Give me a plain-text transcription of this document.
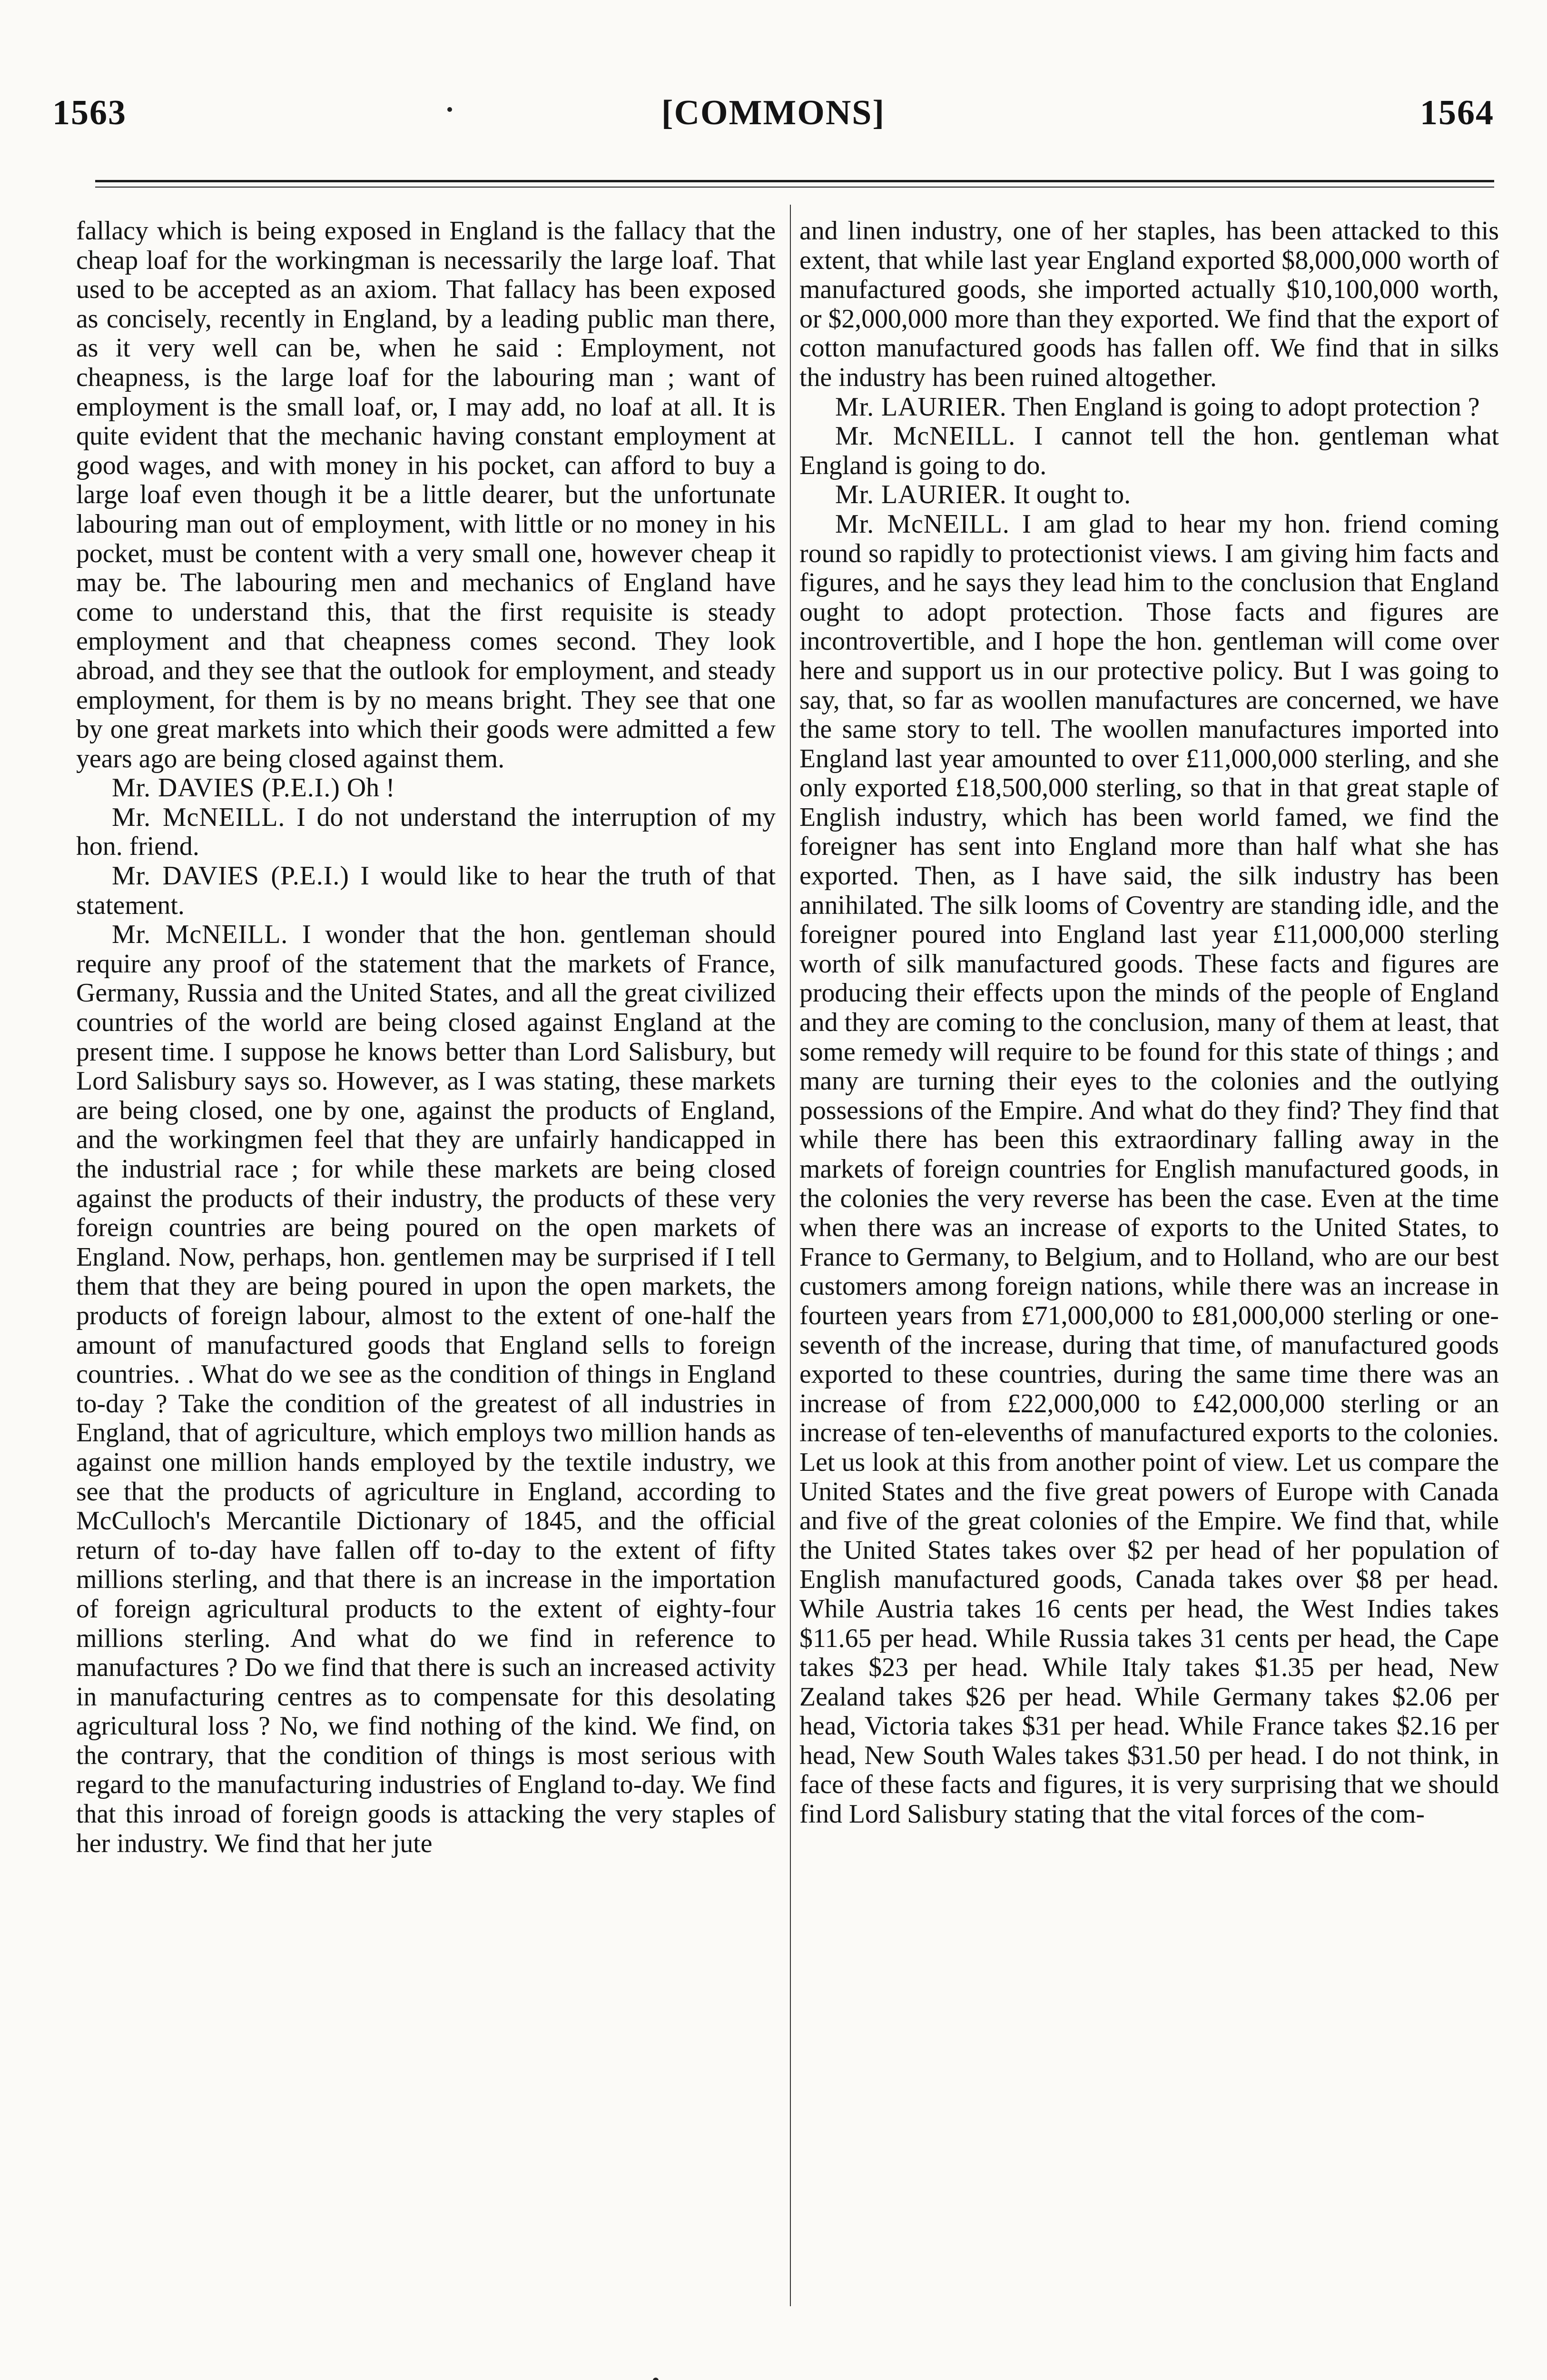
1563	[COMMONS]	1564

fallacy which is being exposed in England is the fallacy that the cheap loaf for the workingman is necessarily the large loaf. That used to be accepted as an axiom. That fallacy has been exposed as concisely, recently in England, by a leading public man there, as it very well can be, when he said : Employment, not cheapness, is the large loaf for the labouring man ; want of employment is the small loaf, or, I may add, no loaf at all. It is quite evident that the mechanic having constant employment at good wages, and with money in his pocket, can afford to buy a large loaf even though it be a little dearer, but the unfortunate labouring man out of employment, with little or no money in his pocket, must be content with a very small one, however cheap it may be. The labouring men and mechanics of England have come to understand this, that the first requisite is steady employment and that cheapness comes second. They look abroad, and they see that the outlook for employment, and steady employment, for them is by no means bright. They see that one by one great markets into which their goods were admitted a few years ago are being closed against them.

Mr. DAVIES (P.E.I.) Oh !

Mr. McNEILL. I do not understand the interruption of my hon. friend.

Mr. DAVIES (P.E.I.) I would like to hear the truth of that statement.

Mr. McNEILL. I wonder that the hon. gentleman should require any proof of the statement that the markets of France, Germany, Russia and the United States, and all the great civilized countries of the world are being closed against England at the present time. I suppose he knows better than Lord Salisbury, but Lord Salisbury says so. However, as I was stating, these markets are being closed, one by one, against the products of England, and the workingmen feel that they are unfairly handicapped in the industrial race ; for while these markets are being closed against the products of their industry, the products of these very foreign countries are being poured on the open markets of England. Now, perhaps, hon. gentlemen may be surprised if I tell them that they are being poured in upon the open markets, the products of foreign labour, almost to the extent of one-half the amount of manufactured goods that England sells to foreign countries. . What do we see as the condition of things in England to-day ? Take the condition of the greatest of all industries in England, that of agriculture, which employs two million hands as against one million hands employed by the textile industry, we see that the products of agriculture in England, according to McCulloch's Mercantile Dictionary of 1845, and the official return of to-day have fallen off to-day to the extent of fifty millions sterling, and that there is an increase in the importation of foreign agricultural products to the extent of eighty-four millions sterling. And what do we find in reference to manufactures ? Do we find that there is such an increased activity in manufacturing centres as to compensate for this desolating agricultural loss ? No, we find nothing of the kind. We find, on the contrary, that the condition of things is most serious with regard to the manufacturing industries of England to-day. We find that this inroad of foreign goods is attacking the very staples of her industry. We find that her jute

and linen industry, one of her staples, has been attacked to this extent, that while last year England exported $8,000,000 worth of manufactured goods, she imported actually $10,100,000 worth, or $2,000,000 more than they exported. We find that the export of cotton manufactured goods has fallen off. We find that in silks the industry has been ruined altogether.

Mr. LAURIER. Then England is going to adopt protection ?

Mr. McNEILL. I cannot tell the hon. gentleman what England is going to do.

Mr. LAURIER. It ought to.

Mr. McNEILL. I am glad to hear my hon. friend coming round so rapidly to protectionist views. I am giving him facts and figures, and he says they lead him to the conclusion that England ought to adopt protection. Those facts and figures are incontrovertible, and I hope the hon. gentleman will come over here and support us in our protective policy. But I was going to say, that, so far as woollen manufactures are concerned, we have the same story to tell. The woollen manufactures imported into England last year amounted to over £11,000,000 sterling, and she only exported £18,500,000 sterling, so that in that great staple of English industry, which has been world famed, we find the foreigner has sent into England more than half what she has exported. Then, as I have said, the silk industry has been annihilated. The silk looms of Coventry are standing idle, and the foreigner poured into England last year £11,000,000 sterling worth of silk manufactured goods. These facts and figures are producing their effects upon the minds of the people of England and they are coming to the conclusion, many of them at least, that some remedy will require to be found for this state of things ; and many are turning their eyes to the colonies and the outlying possessions of the Empire. And what do they find? They find that while there has been this extraordinary falling away in the markets of foreign countries for English manufactured goods, in the colonies the very reverse has been the case. Even at the time when there was an increase of exports to the United States, to France to Germany, to Belgium, and to Holland, who are our best customers among foreign nations, while there was an increase in fourteen years from £71,000,000 to £81,000,000 sterling or one-seventh of the increase, during that time, of manufactured goods exported to these countries, during the same time there was an increase of from £22,000,000 to £42,000,000 sterling or an increase of ten-elevenths of manufactured exports to the colonies. Let us look at this from another point of view. Let us compare the United States and the five great powers of Europe with Canada and five of the great colonies of the Empire. We find that, while the United States takes over $2 per head of her population of English manufactured goods, Canada takes over $8 per head. While Austria takes 16 cents per head, the West Indies takes $11.65 per head. While Russia takes 31 cents per head, the Cape takes $23 per head. While Italy takes $1.35 per head, New Zealand takes $26 per head. While Germany takes $2.06 per head, Victoria takes $31 per head. While France takes $2.16 per head, New South Wales takes $31.50 per head. I do not think, in face of these facts and figures, it is very surprising that we should find Lord Salisbury stating that the vital forces of the com-
